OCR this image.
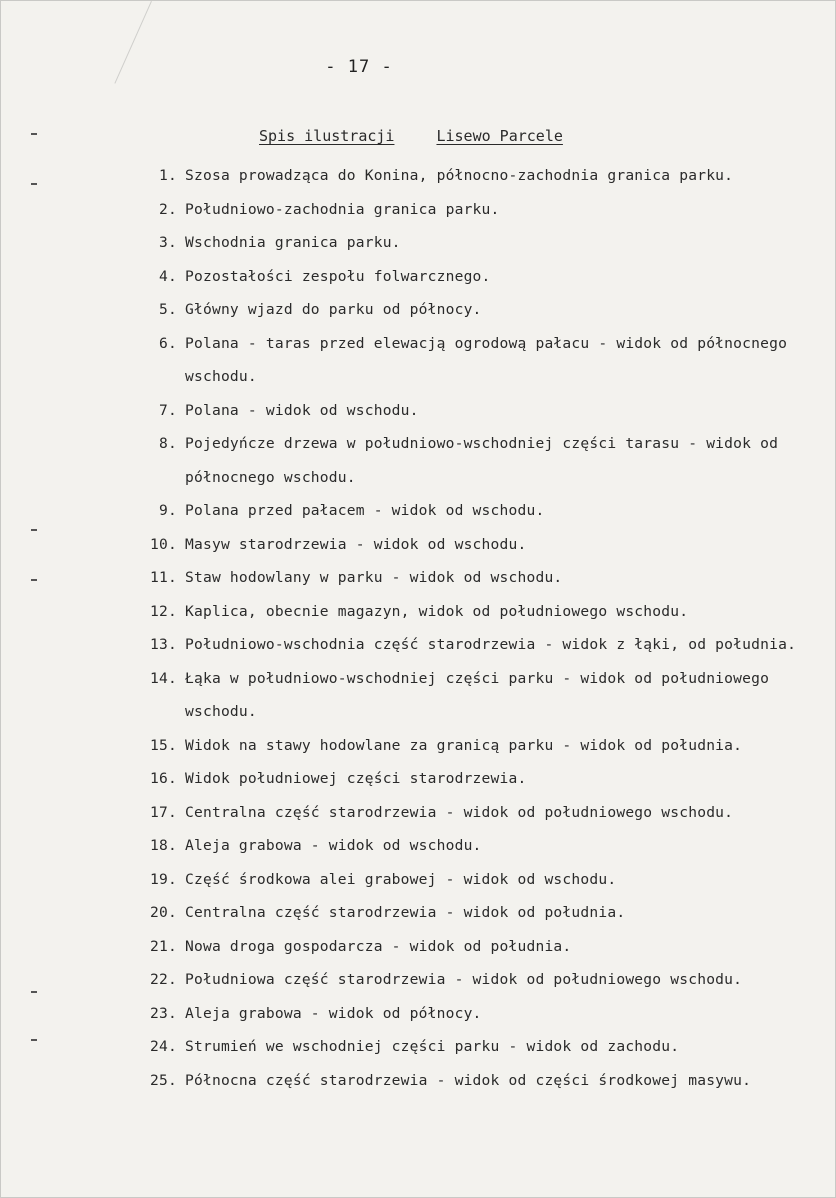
- 17 -
Spis ilustracji	Lisewo Parcele
1. Szosa prowadząca do Konina, północno-zachodnia granica parku.
2. Południowo-zachodnia granica parku.
3. Wschodnia granica parku.
4. Pozostałości zespołu folwarcznego.
5. Główny wjazd do parku od północy.
6. Polana - taras przed elewacją ogrodową pałacu - widok od północnego wschodu.
7. Polana - widok od wschodu.
8. Pojedyńcze drzewa w południowo-wschodniej części tarasu - widok od północnego wschodu.
9. Polana przed pałacem - widok od wschodu.
10. Masyw starodrzewia - widok od wschodu.
11. Staw hodowlany w parku - widok od wschodu.
12. Kaplica, obecnie magazyn, widok od południowego wschodu.
13. Południowo-wschodnia część starodrzewia - widok z łąki, od południa.
14. Łąka w południowo-wschodniej części parku - widok od południowego wschodu.
15. Widok na stawy hodowlane za granicą parku - widok od południa.
16. Widok południowej części starodrzewia.
17. Centralna część starodrzewia - widok od południowego wschodu.
18. Aleja grabowa - widok od wschodu.
19. Część środkowa alei grabowej - widok od wschodu.
20. Centralna część starodrzewia - widok od południa.
21. Nowa droga gospodarcza - widok od południa.
22. Południowa część starodrzewia - widok od południowego wschodu.
23. Aleja grabowa - widok od północy.
24. Strumień we wschodniej części parku - widok od zachodu.
25. Północna część starodrzewia - widok od części środkowej masywu.
